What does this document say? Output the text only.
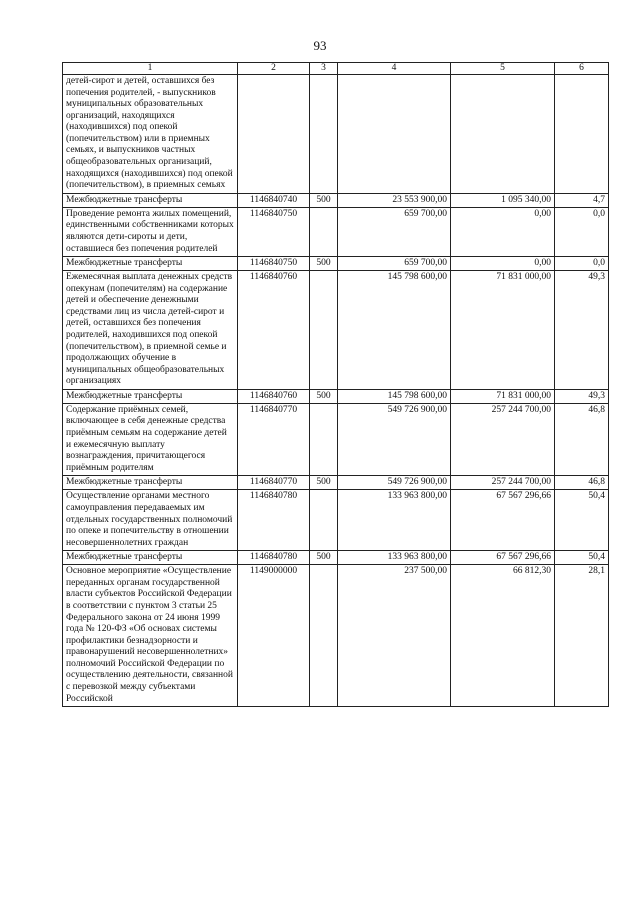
93
1	2	3	4	5	6
детей-сирот и детей, оставшихся без попечения родителей, - выпускников муниципальных образовательных организаций, находящихся (находившихся) под опекой (попечительством) или в приемных семьях, и выпускников частных общеобразовательных организаций, находящихся (находившихся) под опекой (попечительством), в приемных семьях					
Межбюджетные трансферты	1146840740	500	23 553 900,00	1 095 340,00	4,7
Проведение ремонта жилых помещений, единственными собственниками которых являются дети-сироты и дети, оставшиеся без попечения родителей	1146840750		659 700,00	0,00	0,0
Межбюджетные трансферты	1146840750	500	659 700,00	0,00	0,0
Ежемесячная выплата денежных средств опекунам (попечителям) на содержание детей и обеспечение денежными средствами лиц из числа детей-сирот и детей, оставшихся без попечения родителей, находившихся под опекой (попечительством), в приемной семье и продолжающих обучение в муниципальных общеобразовательных организациях	1146840760		145 798 600,00	71 831 000,00	49,3
Межбюджетные трансферты	1146840760	500	145 798 600,00	71 831 000,00	49,3
Содержание приёмных семей, включающее в себя денежные средства приёмным семьям на содержание детей и ежемесячную выплату вознаграждения, причитающегося приёмным родителям	1146840770		549 726 900,00	257 244 700,00	46,8
Межбюджетные трансферты	1146840770	500	549 726 900,00	257 244 700,00	46,8
Осуществление органами местного самоуправления передаваемых им отдельных государственных полномочий по опеке и попечительству в отношении несовершеннолетних граждан	1146840780		133 963 800,00	67 567 296,66	50,4
Межбюджетные трансферты	1146840780	500	133 963 800,00	67 567 296,66	50,4
Основное мероприятие «Осуществление переданных органам государственной власти субъектов Российской Федерации в соответствии с пунктом 3 статьи 25 Федерального закона от 24 июня 1999 года № 120-ФЗ «Об основах системы профилактики безнадзорности и правонарушений несовершеннолетних» полномочий Российской Федерации по осуществлению деятельности, связанной с перевозкой между субъектами Российской	1149000000		237 500,00	66 812,30	28,1
